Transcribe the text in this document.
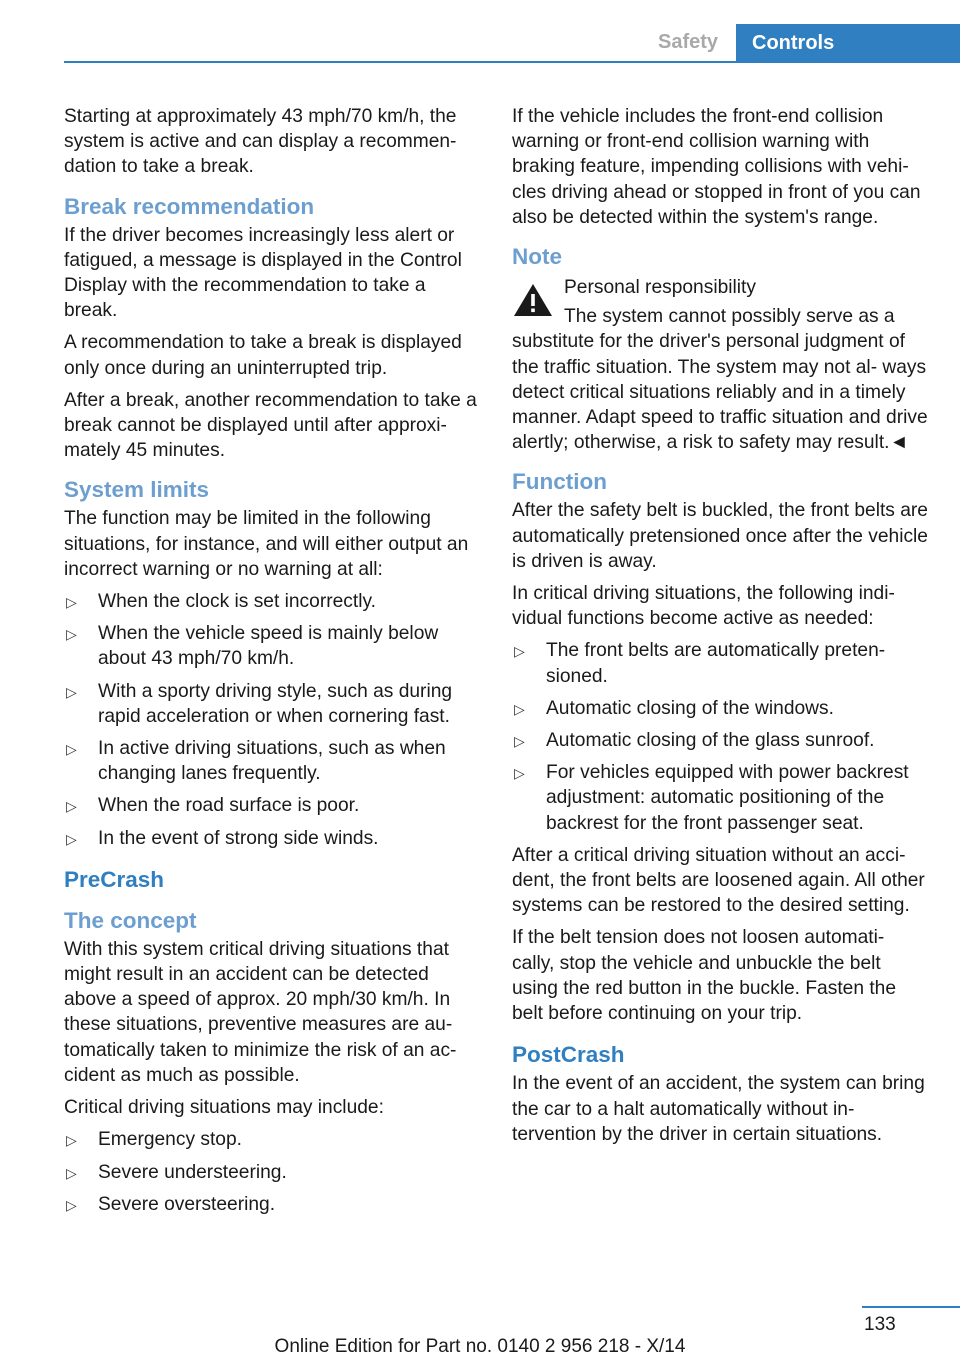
Safety	Controls

Starting at approximately 43 mph/70 km/h, the system is active and can display a recommen‐ dation to take a break.

Break recommendation

If the driver becomes increasingly less alert or fatigued, a message is displayed in the Control Display with the recommendation to take a break.

A recommendation to take a break is displayed only once during an uninterrupted trip.

After a break, another recommendation to take a break cannot be displayed until after approxi‐ mately 45 minutes.

System limits

The function may be limited in the following situations, for instance, and will either output an incorrect warning or no warning at all:

▷ When the clock is set incorrectly.
▷ When the vehicle speed is mainly below about 43 mph/70 km/h.
▷ With a sporty driving style, such as during rapid acceleration or when cornering fast.
▷ In active driving situations, such as when changing lanes frequently.
▷ When the road surface is poor.
▷ In the event of strong side winds.
PreCrash
The concept

With this system critical driving situations that might result in an accident can be detected above a speed of approx. 20 mph/30 km/h. In these situations, preventive measures are au‐ tomatically taken to minimize the risk of an ac‐ cident as much as possible.

Critical driving situations may include:

▷ Emergency stop.
▷ Severe understeering.
▷ Severe oversteering.

If the vehicle includes the front-end collision warning or front-end collision warning with braking feature, impending collisions with vehi‐ cles driving ahead or stopped in front of you can also be detected within the system's range.

Note

Personal responsibility

The system cannot possibly serve as a substitute for the driver's personal judgment of the traffic situation. The system may not al‐ ways detect critical situations reliably and in a timely manner. Adapt speed to traffic situation and drive alertly; otherwise, a risk to safety may result.◄

Function

After the safety belt is buckled, the front belts are automatically pretensioned once after the vehicle is driven is away.

In critical driving situations, the following indi‐ vidual functions become active as needed:

▷ The front belts are automatically preten‐ sioned.
▷ Automatic closing of the windows.
▷ Automatic closing of the glass sunroof.
▷ For vehicles equipped with power backrest adjustment: automatic positioning of the backrest for the front passenger seat.

After a critical driving situation without an acci‐ dent, the front belts are loosened again. All other systems can be restored to the desired setting.

If the belt tension does not loosen automati‐ cally, stop the vehicle and unbuckle the belt using the red button in the buckle. Fasten the belt before continuing on your trip.

PostCrash

In the event of an accident, the system can bring the car to a halt automatically without in‐ tervention by the driver in certain situations.

133
Online Edition for Part no. 0140 2 956 218 - X/14
